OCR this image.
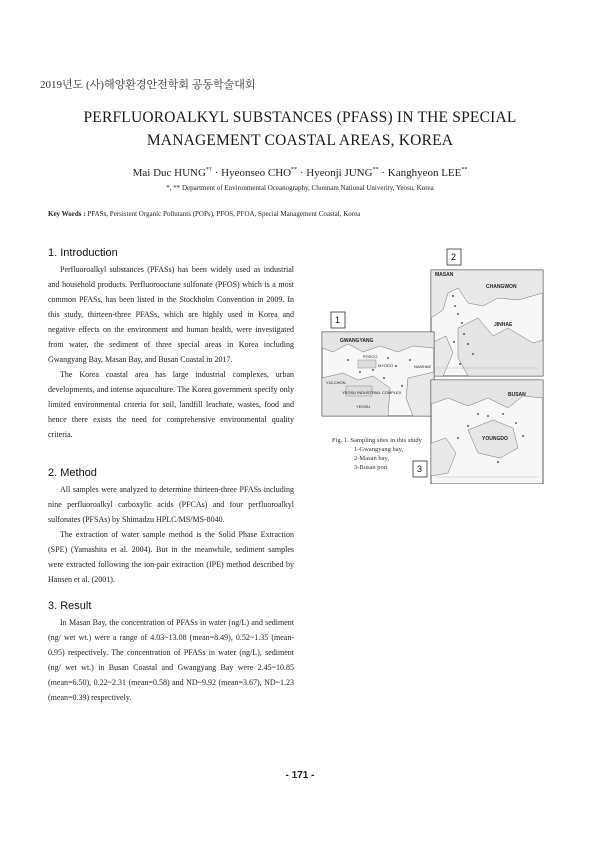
2019년도 (사)해양환경안전학회 공동학술대회
PERFLUOROALKYL SUBSTANCES (PFASS) IN THE SPECIAL
MANAGEMENT COASTAL AREAS, KOREA
Mai Duc HUNG*† · Hyeonseo CHO** · Hyeonji JUNG** · Kanghyeon LEE**
*, ** Department of Environmental Oceanography, Chonnam National Univerity, Yeosu, Korea
Key Words : PFASs, Persistent Organic Pollutants (POPs), PFOS, PFOA, Special Management Coastal, Korea
1. Introduction

Perfluoroalkyl substances (PFASs) has been widely used as industrial and household products. Perfluorooctane sulfonate (PFOS) which is a most common PFASs, has been listed in the Stockholm Convention in 2009. In this study, thirteen-three PFASs, which are highly used in Korea and negative effects on the environment and human health, were investigated from water, the sediment of three special areas in Korea including Gwangyang Bay, Masan Bay, and Busan Coastal in 2017.

The Korea coastal area has large industrial complexes, urban developments, and intense aquaculture. The Korea government specify only limited environmental criteria for soil, landfill leachate, wastes, food and hence there exists the need for comprehensive environmental quality criteria.

2. Method

All samples were analyzed to determine thirteen-three PFASs including nine perfluoroalkyl carboxylic acids (PFCAs) and four perfluoroalkyl sulfonates (PFSAs) by Shimadzu HPLC/MS/MS-8040.

The extraction of water sample method is the Solid Phase Extraction (SPE) (Yamashita et al. 2004). But in the meanwhile, sediment samples were extracted following the ion-pair extraction (IPE) method described by Hansen et al. (2001).

3. Result

In Masan Bay, the concentration of PFASs in water (ng/L) and sediment (ng/ wet wt.) were a range of 4.03~13.08 (mean=8.49), 0.52~1.35 (mean-0.95) respectively. The concentration of PFASs in water (ng/L), sediment (ng/ wet wt.) in Busan Coastal and Gwangyang Bay were 2.45~10.85 (mean=6.50), 0.22~2.31 (mean=0.58) and ND~9.92 (mean=3.67), ND~1.23 (mean=0.39) respectively.

MASAN
CHANGWON
JINHAE
2
GWANGYANG
POSCO
MYODO
YULCHON
YEOSU INDUSTRIAL COMPLEX
YEOSU
NAMHAE
1
BUSAN
YOUNGDO
3
Fig. 1. Sampling sites in this study
1-Gwangyang bay,
2-Masan bay,
3-Busan port
- 171 -
